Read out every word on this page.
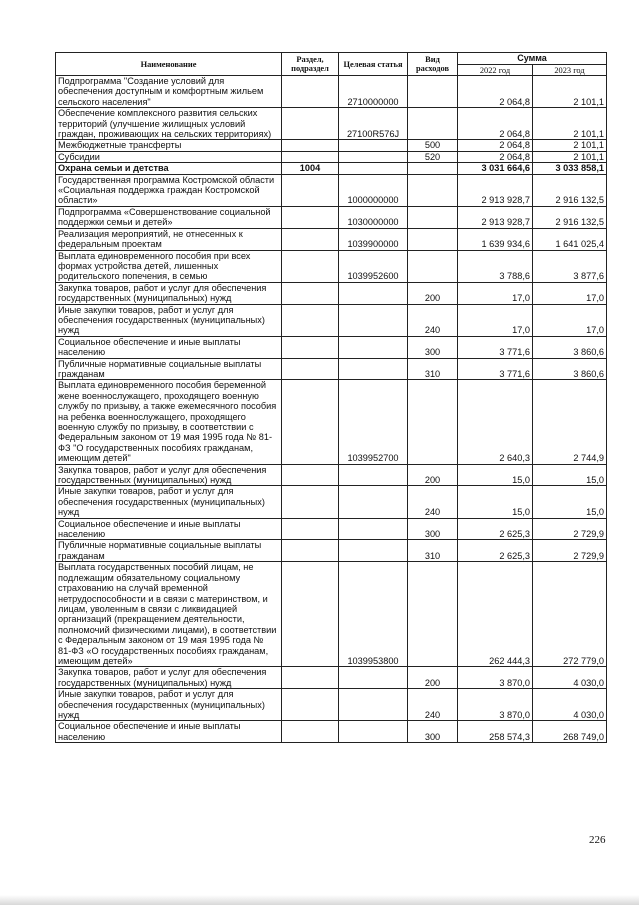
Наименование	Раздел, подраздел	Целевая статья	Вид расходов	Сумма	
				2022 год	2023 год
Подпрограмма "Создание условий для обеспечения доступным и комфортным жильем сельского населения"		2710000000		2 064,8	2 101,1
Обеспечение комплексного развития сельских территорий (улучшение жилищных условий граждан, проживающих на сельских территориях)		27100R576J		2 064,8	2 101,1
Межбюджетные трансферты			500	2 064,8	2 101,1
Субсидии			520	2 064,8	2 101,1
Охрана семьи и детства	1004			3 031 664,6	3 033 858,1
Государственная программа Костромской области «Социальная поддержка граждан Костромской области»		1000000000		2 913 928,7	2 916 132,5
Подпрограмма «Совершенствование социальной поддержки семьи и детей»		1030000000		2 913 928,7	2 916 132,5
Реализация мероприятий, не отнесенных к федеральным проектам		1039900000		1 639 934,6	1 641 025,4
Выплата единовременного пособия при всех формах устройства детей, лишенных родительского попечения, в семью		1039952600		3 788,6	3 877,6
Закупка товаров, работ и услуг для обеспечения государственных (муниципальных) нужд			200	17,0	17,0
Иные закупки товаров, работ и услуг для обеспечения государственных (муниципальных) нужд			240	17,0	17,0
Социальное обеспечение и иные выплаты населению			300	3 771,6	3 860,6
Публичные нормативные социальные выплаты гражданам			310	3 771,6	3 860,6
Выплата единовременного пособия беременной жене военнослужащего, проходящего военную службу по призыву, а также ежемесячного пособия на ребенка военнослужащего, проходящего военную службу по призыву, в соответствии с Федеральным законом от 19 мая 1995 года № 81-ФЗ "О государственных пособиях гражданам, имеющим детей"		1039952700		2 640,3	2 744,9
Закупка товаров, работ и услуг для обеспечения государственных (муниципальных) нужд			200	15,0	15,0
Иные закупки товаров, работ и услуг для обеспечения государственных (муниципальных) нужд			240	15,0	15,0
Социальное обеспечение и иные выплаты населению			300	2 625,3	2 729,9
Публичные нормативные социальные выплаты гражданам			310	2 625,3	2 729,9
Выплата государственных пособий лицам, не подлежащим обязательному социальному страхованию на случай временной нетрудоспособности и в связи с материнством, и лицам, уволенным в связи с ликвидацией организаций (прекращением деятельности, полномочий физическими лицами), в соответствии с Федеральным законом от 19 мая 1995 года № 81-ФЗ «О государственных пособиях гражданам, имеющим детей»		1039953800		262 444,3	272 779,0
Закупка товаров, работ и услуг для обеспечения государственных (муниципальных) нужд			200	3 870,0	4 030,0
Иные закупки товаров, работ и услуг для обеспечения государственных (муниципальных) нужд			240	3 870,0	4 030,0
Социальное обеспечение и иные выплаты населению			300	258 574,3	268 749,0
226
